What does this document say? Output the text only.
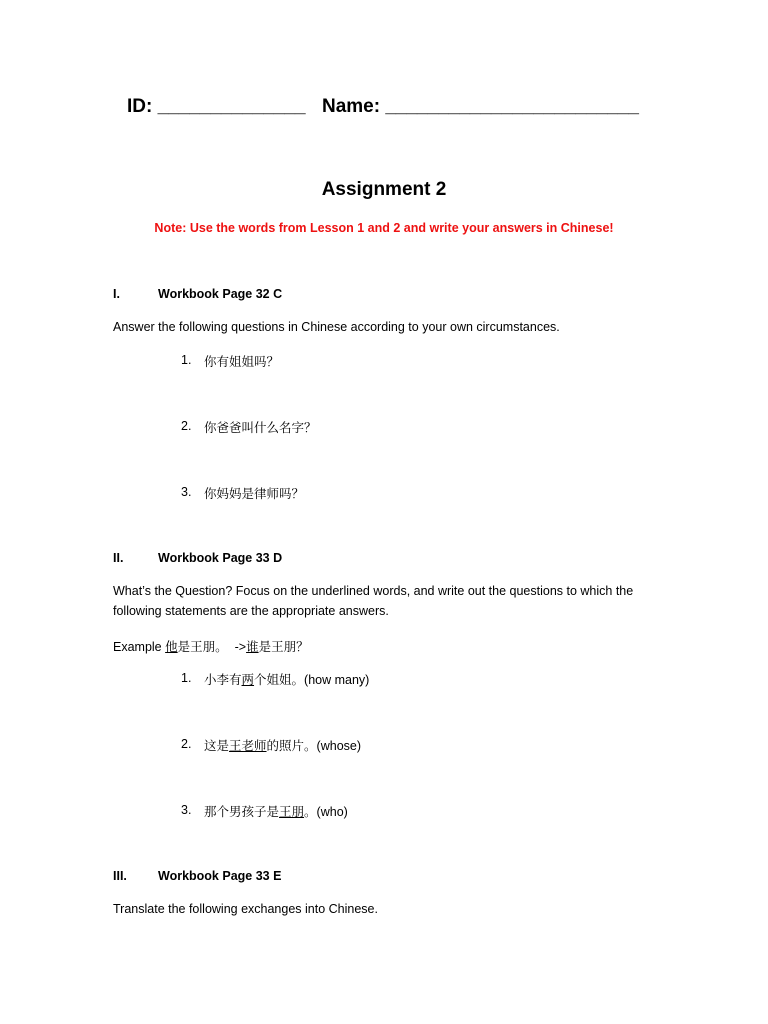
ID: ______________ Name: ________________________
Assignment 2
Note: Use the words from Lesson 1 and 2 and write your answers in Chinese!
I.	Workbook Page 32 C
Answer the following questions in Chinese according to your own circumstances.
1. 你有姐姐吗？
2. 你爸爸叫什么名字？
3. 你妈妈是律师吗？
II.	Workbook Page 33 D
What’s the Question? Focus on the underlined words, and write out the questions to which the
following statements are the appropriate answers.
Example 他是王朋。 ->谁是王朋？
1. 小李有两个姐姐。(how many)
2. 这是王老师的照片。(whose)
3. 那个男孩子是王朋。(who)
III. Workbook Page 33 E
Translate the following exchanges into Chinese.
